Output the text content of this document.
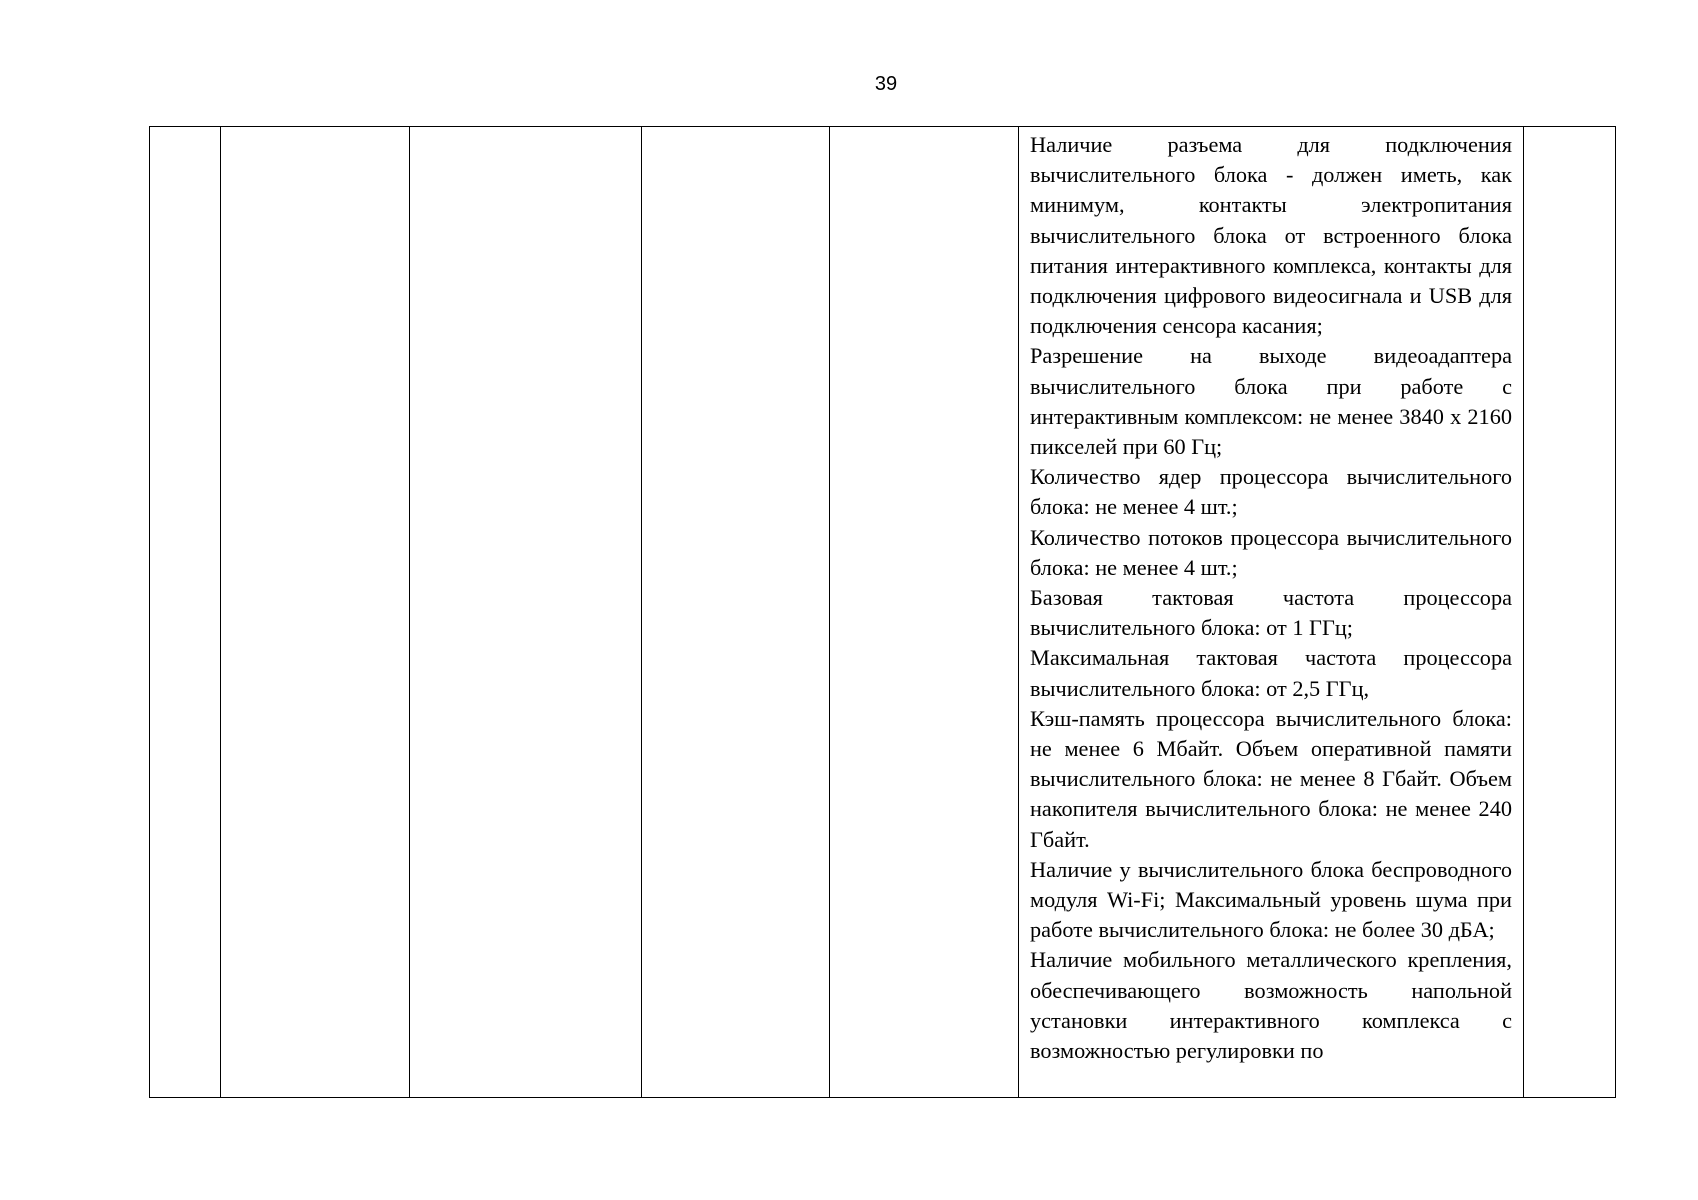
39

Наличие разъема для подключения вычислительного блока - должен иметь, как минимум, контакты электропитания вычислительного блока от встроенного блока питания интерактивного комплекса, контакты для подключения цифрового видеосигнала и USB для подключения сенсора касания;

Разрешение на выходе видеоадаптера вычислительного блока при работе с интерактивным комплексом: не менее 3840 x 2160 пикселей при 60 Гц;

Количество ядер процессора вычислительного блока: не менее 4 шт.;

Количество потоков процессора вычислительного блока: не менее 4 шт.;

Базовая тактовая частота процессора вычислительного блока: от 1 ГГц;

Максимальная тактовая частота процессора вычислительного блока: от 2,5 ГГц,

Кэш-память процессора вычислительного блока: не менее 6 Мбайт. Объем оперативной памяти вычислительного блока: не менее 8 Гбайт. Объем накопителя вычислительного блока: не менее 240 Гбайт.

Наличие у вычислительного блока беспроводного модуля Wi-Fi; Максимальный уровень шума при работе вычислительного блока: не более 30 дБА;

Наличие мобильного металлического крепления, обеспечивающего возможность напольной установки интерактивного комплекса с возможностью регулировки по
